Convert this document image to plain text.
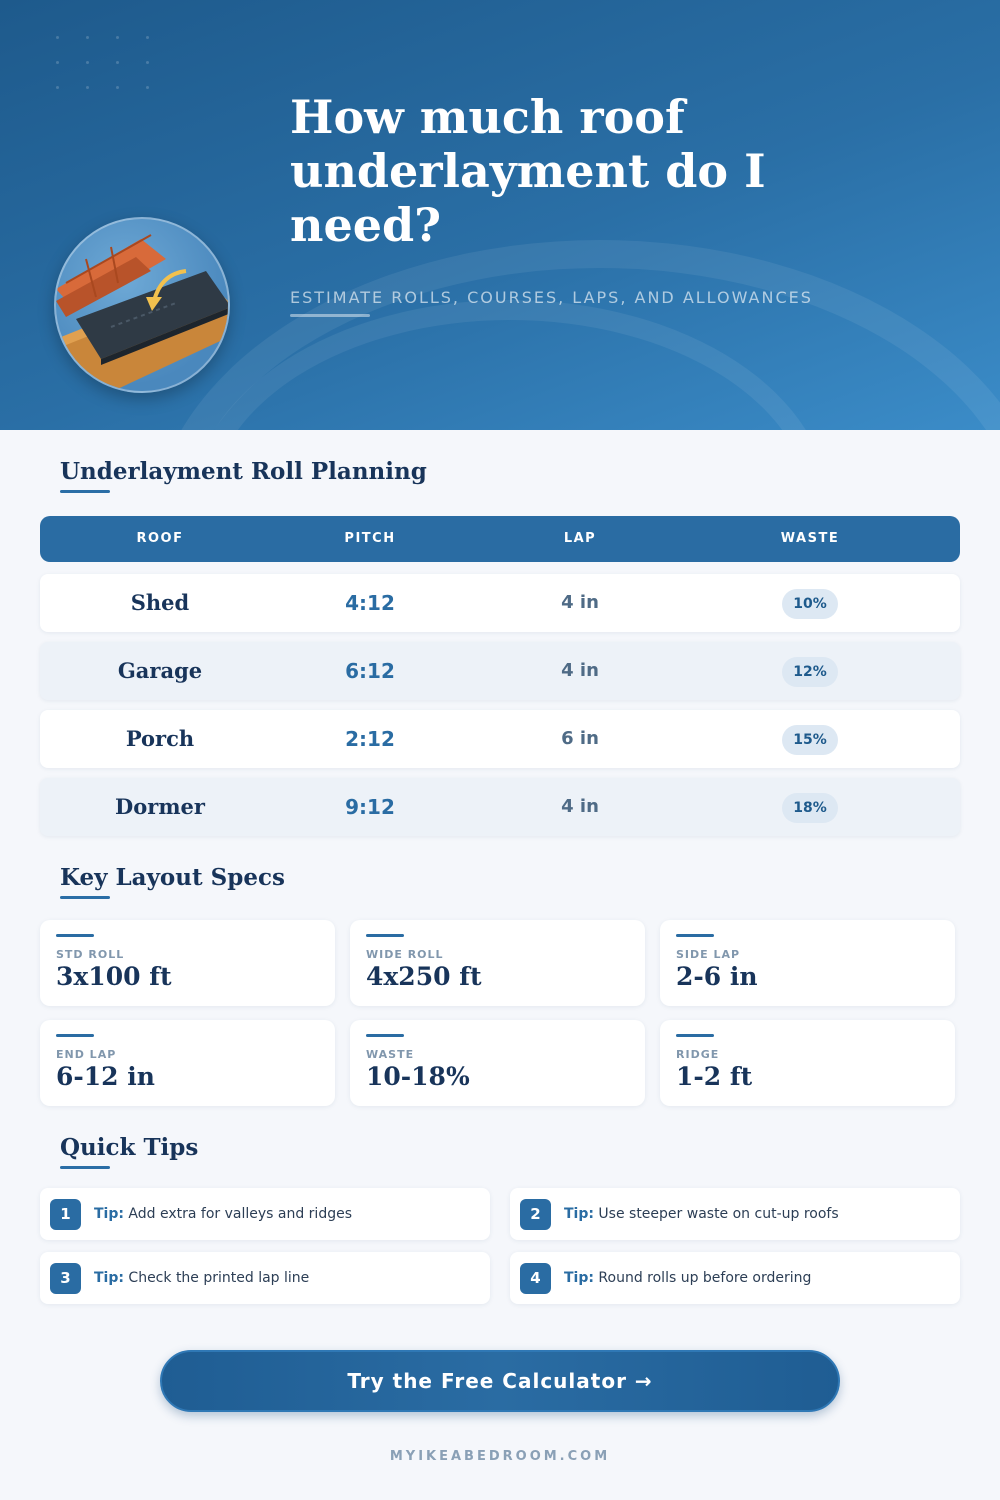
How much roof underlayment do I need?
ESTIMATE ROLLS, COURSES, LAPS, AND ALLOWANCES
Underlayment Roll Planning
ROOF	PITCH	LAP	WASTE
Shed	4:12	4 in	10%
Garage	6:12	4 in	12%
Porch	2:12	6 in	15%
Dormer	9:12	4 in	18%
Key Layout Specs
STD ROLL
3x100 ft
WIDE ROLL
4x250 ft
SIDE LAP
2-6 in
END LAP
6-12 in
WASTE
10-18%
RIDGE
1-2 ft
Quick Tips
1	Tip: Add extra for valleys and ridges	2	Tip: Use steeper waste on cut-up roofs
3	Tip: Check the printed lap line	4	Tip: Round rolls up before ordering
Try the Free Calculator →
MYIKEABEDROOM.COM
